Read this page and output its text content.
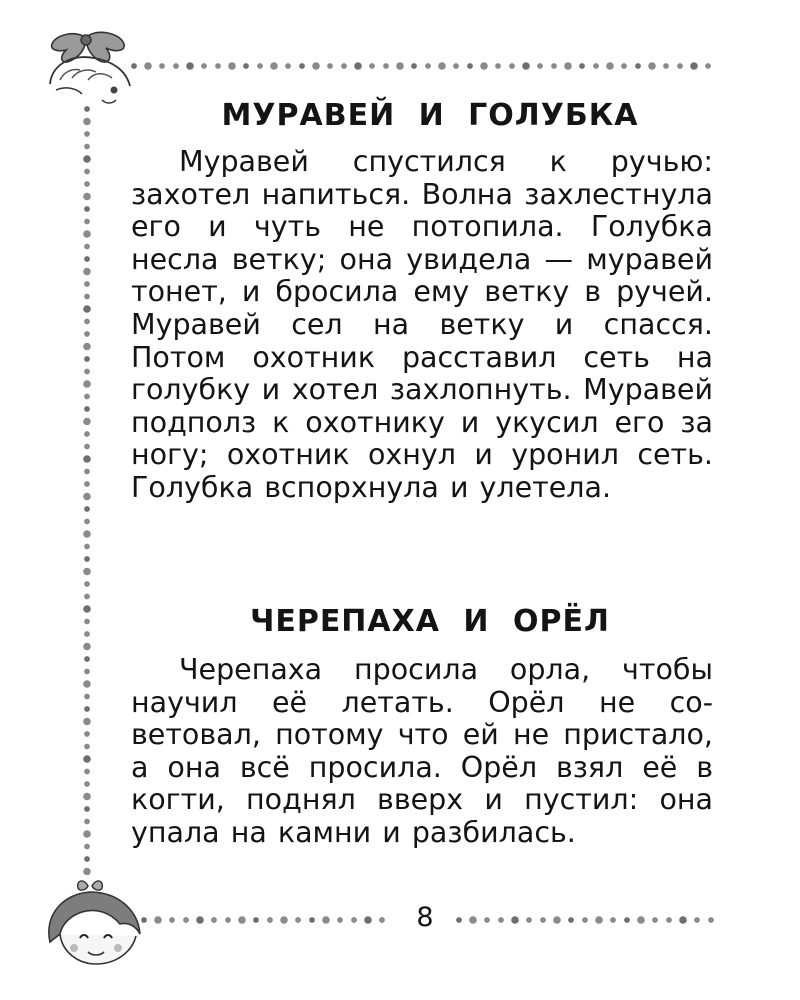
МУРАВЕЙ И ГОЛУБКА

Муравей спустился к ручью: захотел напиться. Волна захлестнула его и чуть не потопила. Голубка несла ветку; она увидела — муравей тонет, и бросила ему ветку в ручей. Муравей сел на ветку и спасся. Потом охотник расставил сеть на голубку и хотел захлопнуть. Муравей подполз к охотнику и укусил его за ногу; охотник охнул и уронил сеть. Голубка вспорхнула и улетела.

ЧЕРЕПАХА И ОРЁЛ

Черепаха просила орла, чтобы научил её летать. Орёл не советовал, потому что ей не пристало, а она всё просила. Орёл взял её в когти, поднял вверх и пустил: она упала на камни и разбилась.

8
